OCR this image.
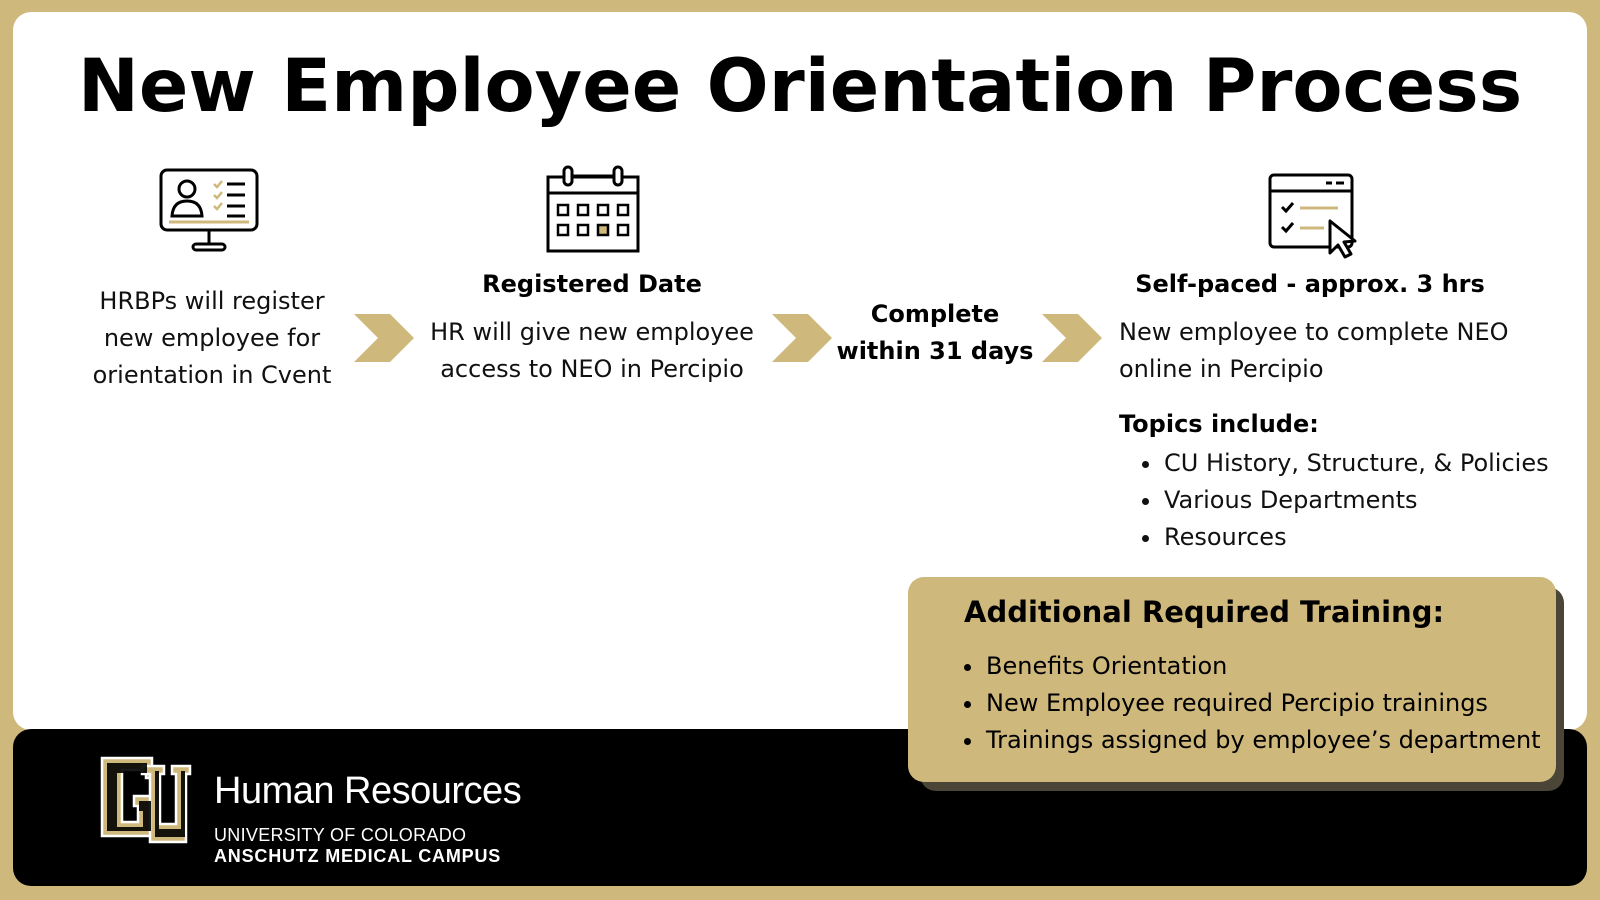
New Employee Orientation Process
HRBPs will register
new employee for
orientation in Cvent
Registered Date
HR will give new employee
access to NEO in Percipio
Complete
within 31 days
Self-paced - approx. 3 hrs
New employee to complete NEO
online in Percipio
Topics include:
CU History, Structure, & Policies
Various Departments
Resources
Additional Required Training:
Benefits Orientation
New Employee required Percipio trainings
Trainings assigned by employee’s department
Human Resources
UNIVERSITY OF COLORADO
ANSCHUTZ MEDICAL CAMPUS
